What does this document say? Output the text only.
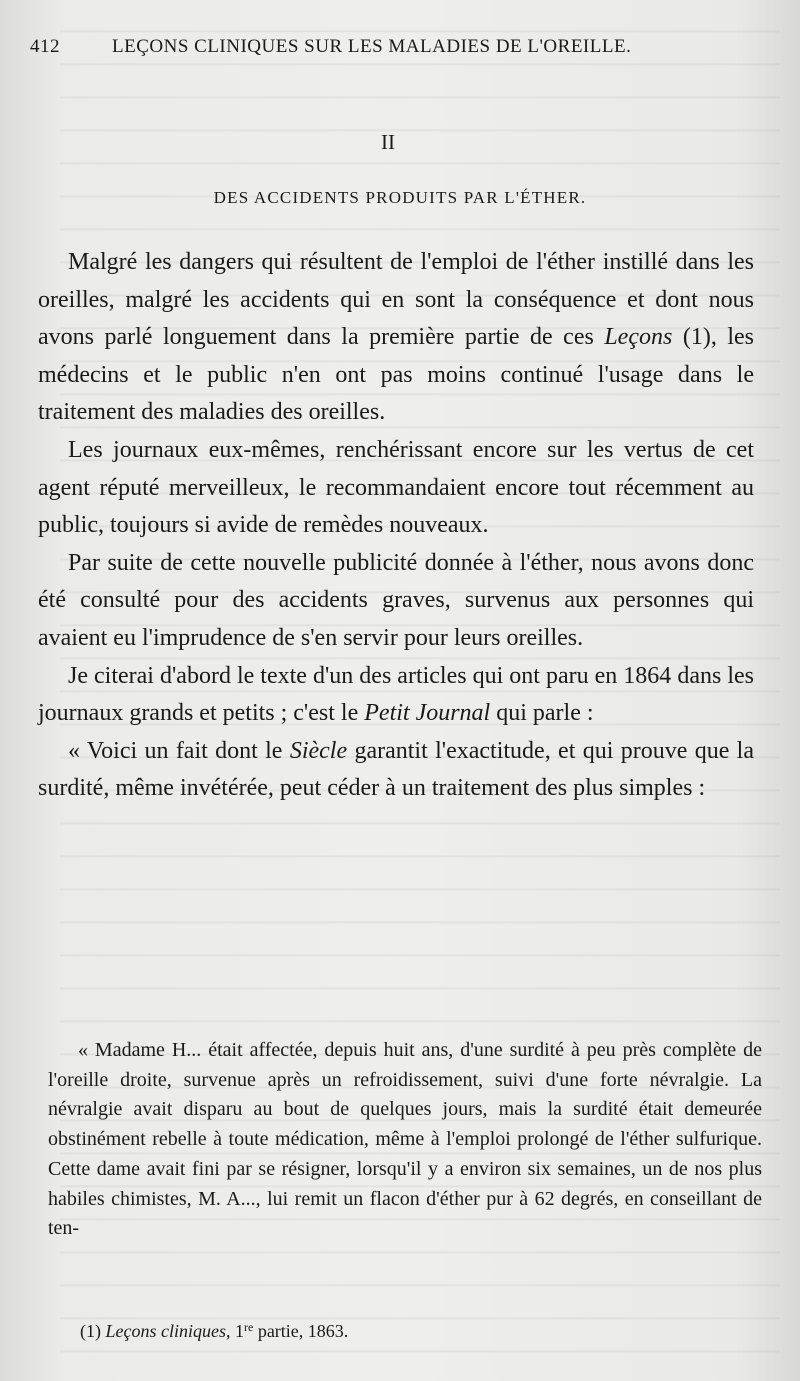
412	LEÇONS CLINIQUES SUR LES MALADIES DE L'OREILLE.
II
DES ACCIDENTS PRODUITS PAR L'ÉTHER.

Malgré les dangers qui résultent de l'emploi de l'éther instillé dans les oreilles, malgré les accidents qui en sont la conséquence et dont nous avons parlé longuement dans la première partie de ces Leçons (1), les médecins et le public n'en ont pas moins continué l'usage dans le traitement des maladies des oreilles.

Les journaux eux-mêmes, renchérissant encore sur les vertus de cet agent réputé merveilleux, le recommandaient encore tout récemment au public, toujours si avide de remèdes nouveaux.

Par suite de cette nouvelle publicité donnée à l'éther, nous avons donc été consulté pour des accidents graves, survenus aux personnes qui avaient eu l'imprudence de s'en servir pour leurs oreilles.

Je citerai d'abord le texte d'un des articles qui ont paru en 1864 dans les journaux grands et petits ; c'est le Petit Journal qui parle :

« Voici un fait dont le Siècle garantit l'exactitude, et qui prouve que la surdité, même invétérée, peut céder à un traitement des plus simples :

« Madame H... était affectée, depuis huit ans, d'une surdité à peu près complète de l'oreille droite, survenue après un refroidissement, suivi d'une forte névralgie. La névralgie avait disparu au bout de quelques jours, mais la surdité était demeurée obstinément rebelle à toute médication, même à l'emploi prolongé de l'éther sulfurique. Cette dame avait fini par se résigner, lorsqu'il y a environ six semaines, un de nos plus habiles chimistes, M. A..., lui remit un flacon d'éther pur à 62 degrés, en conseillant de ten-

(1) Leçons cliniques, 1re partie, 1863.
